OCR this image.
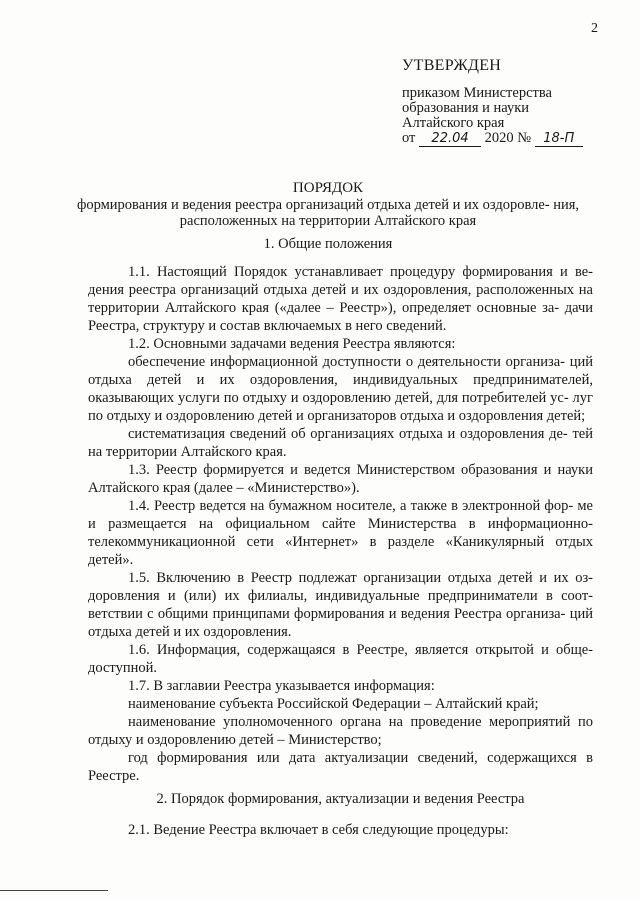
2
УТВЕРЖДЕН
приказом Министерства
образования и науки
Алтайского края
от 22.04 2020 № 18-П
ПОРЯДОК
формирования и ведения реестра организаций отдыха детей и их оздоровле- ния, расположенных на территории Алтайского края
1. Общие положения

1.1. Настоящий Порядок устанавливает процедуру формирования и ве- дения реестра организаций отдыха детей и их оздоровления, расположенных на территории Алтайского края («далее – Реестр»), определяет основные за- дачи Реестра, структуру и состав включаемых в него сведений.

1.2. Основными задачами ведения Реестра являются:

обеспечение информационной доступности о деятельности организа- ций отдыха детей и их оздоровления, индивидуальных предпринимателей, оказывающих услуги по отдыху и оздоровлению детей, для потребителей ус- луг по отдыху и оздоровлению детей и организаторов отдыха и оздоровления детей;

систематизация сведений об организациях отдыха и оздоровления де- тей на территории Алтайского края.

1.3. Реестр формируется и ведется Министерством образования и науки Алтайского края (далее – «Министерство»).

1.4. Реестр ведется на бумажном носителе, а также в электронной фор- ме и размещается на официальном сайте Министерства в информационно- телекоммуникационной сети «Интернет» в разделе «Каникулярный отдых детей».

1.5. Включению в Реестр подлежат организации отдыха детей и их оз- доровления и (или) их филиалы, индивидуальные предприниматели в соот- ветствии с общими принципами формирования и ведения Реестра организа- ций отдыха детей и их оздоровления.

1.6. Информация, содержащаяся в Реестре, является открытой и обще- доступной.

1.7. В заглавии Реестра указывается информация:

наименование субъекта Российской Федерации – Алтайский край;

наименование уполномоченного органа на проведение мероприятий по отдыху и оздоровлению детей – Министерство;

год формирования или дата актуализации сведений, содержащихся в Реестре.

2. Порядок формирования, актуализации и ведения Реестра
2.1. Ведение Реестра включает в себя следующие процедуры:
